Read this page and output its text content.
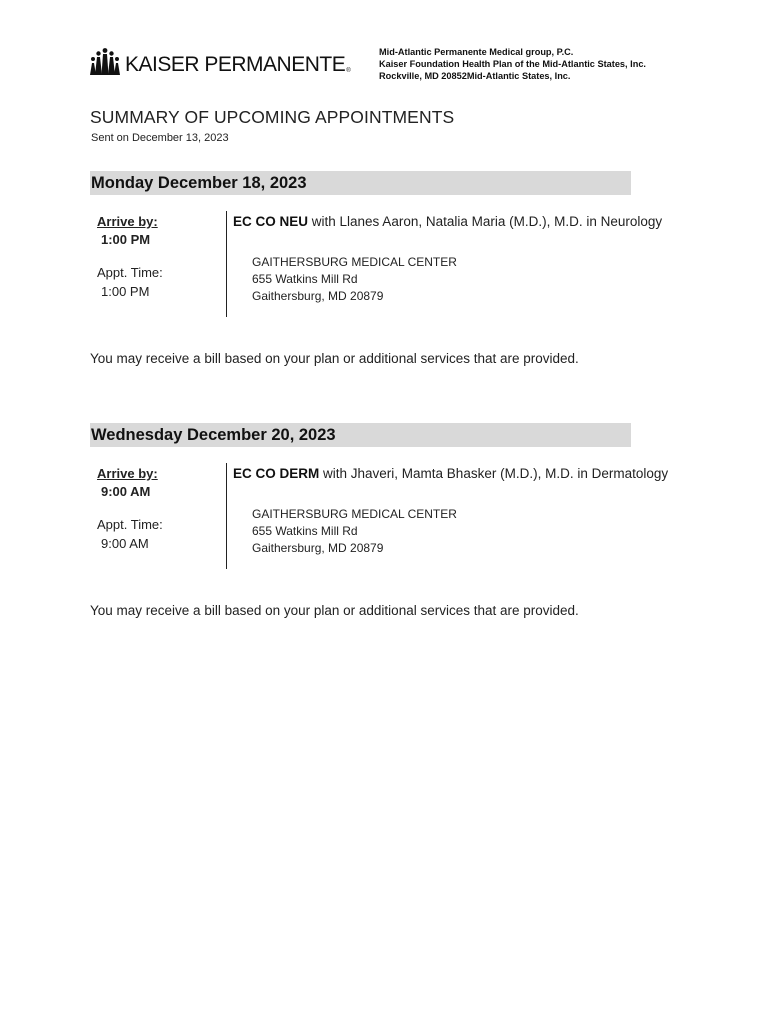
KAISER PERMANENTE ®
Mid-Atlantic Permanente Medical group, P.C.
Kaiser Foundation Health Plan of the Mid-Atlantic States, Inc.
Rockville, MD 20852Mid-Atlantic States, Inc.
SUMMARY OF UPCOMING APPOINTMENTS
Sent on December 13, 2023
Monday December 18, 2023
Arrive by:
1:00 PM
Appt. Time:
1:00 PM
EC CO NEU with Llanes Aaron, Natalia Maria (M.D.), M.D. in Neurology
GAITHERSBURG MEDICAL CENTER
655 Watkins Mill Rd
Gaithersburg, MD 20879
You may receive a bill based on your plan or additional services that are provided.
Wednesday December 20, 2023
Arrive by:
9:00 AM
Appt. Time:
9:00 AM
EC CO DERM with Jhaveri, Mamta Bhasker (M.D.), M.D. in Dermatology
GAITHERSBURG MEDICAL CENTER
655 Watkins Mill Rd
Gaithersburg, MD 20879
You may receive a bill based on your plan or additional services that are provided.
